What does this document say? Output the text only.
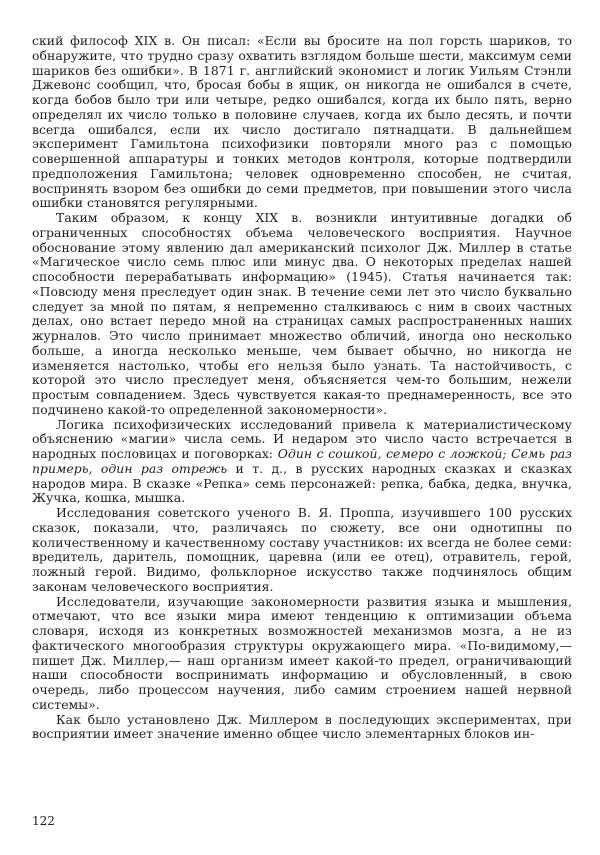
ский философ XIX в. Он писал: «Если вы бросите на пол горсть шариков, то обнаружите, что трудно сразу охватить взглядом больше шести, максимум семи шариков без ошибки». В 1871 г. английский экономист и логик Уильям Стэнли Джевонс сообщил, что, бросая бобы в ящик, он никогда не ошибался в счете, когда бобов было три или четыре, редко ошибался, когда их было пять, верно определял их число только в половине случаев, когда их было десять, и почти всегда ошибался, если их число достигало пятнадцати. В дальнейшем эксперимент Гамильтона психофизики повторяли много раз с помощью совершенной аппаратуры и тонких методов контроля, которые подтвердили предположения Гамильтона; человек одновременно способен, не считая, воспринять взором без ошибки до семи предметов, при повышении этого числа ошибки становятся регулярными.

Таким образом, к концу XIX в. возникли интуитивные догадки об ограниченных способностях объема человеческого восприятия. Научное обоснование этому явлению дал американский психолог Дж. Миллер в статье «Магическое число семь плюс или минус два. О некоторых пределах нашей способности перерабатывать информацию» (1945). Статья начинается так: «Повсюду меня преследует один знак. В течение семи лет это число буквально следует за мной по пятам, я непременно сталкиваюсь с ним в своих частных делах, оно встает передо мной на страницах самых распространенных наших журналов. Это число принимает множество обличий, иногда оно несколько больше, а иногда несколько меньше, чем бывает обычно, но никогда не изменяется настолько, чтобы его нельзя было узнать. Та настойчивость, с которой это число преследует меня, объясняется чем-то большим, нежели простым совпадением. Здесь чувствуется какая-то преднамеренность, все это подчинено какой-то определенной закономерности».

Логика психофизических исследований привела к материалистическому объяснению «магии» числа семь. И недаром это число часто встречается в народных пословицах и поговорках: Один с сошкой, семеро с ложкой; Семь раз примерь, один раз отрежь и т. д., в русских народных сказках и сказках народов мира. В сказке «Репка» семь персонажей: репка, бабка, дедка, внучка, Жучка, кошка, мышка.

Исследования советского ученого В. Я. Проппа, изучившего 100 русских сказок, показали, что, различаясь по сюжету, все они однотипны по количественному и качественному составу участников: их всегда не более семи: вредитель, даритель, помощник, царевна (или ее отец), отравитель, герой, ложный герой. Видимо, фольклорное искусство также подчинялось общим законам человеческого восприятия.

Исследователи, изучающие закономерности развития языка и мышления, отмечают, что все языки мира имеют тенденцию к оптимизации объема словаря, исходя из конкретных возможностей механизмов мозга, а не из фактического многообразия структуры окружающего мира. «По-видимому,— пишет Дж. Миллер,— наш организм имеет какой-то предел, ограничивающий наши способности воспринимать информацию и обусловленный, в свою очередь, либо процессом научения, либо самим строением нашей нервной системы».

Как было установлено Дж. Миллером в последующих экспериментах, при восприятии имеет значение именно общее число элементарных блоков ин-

122
